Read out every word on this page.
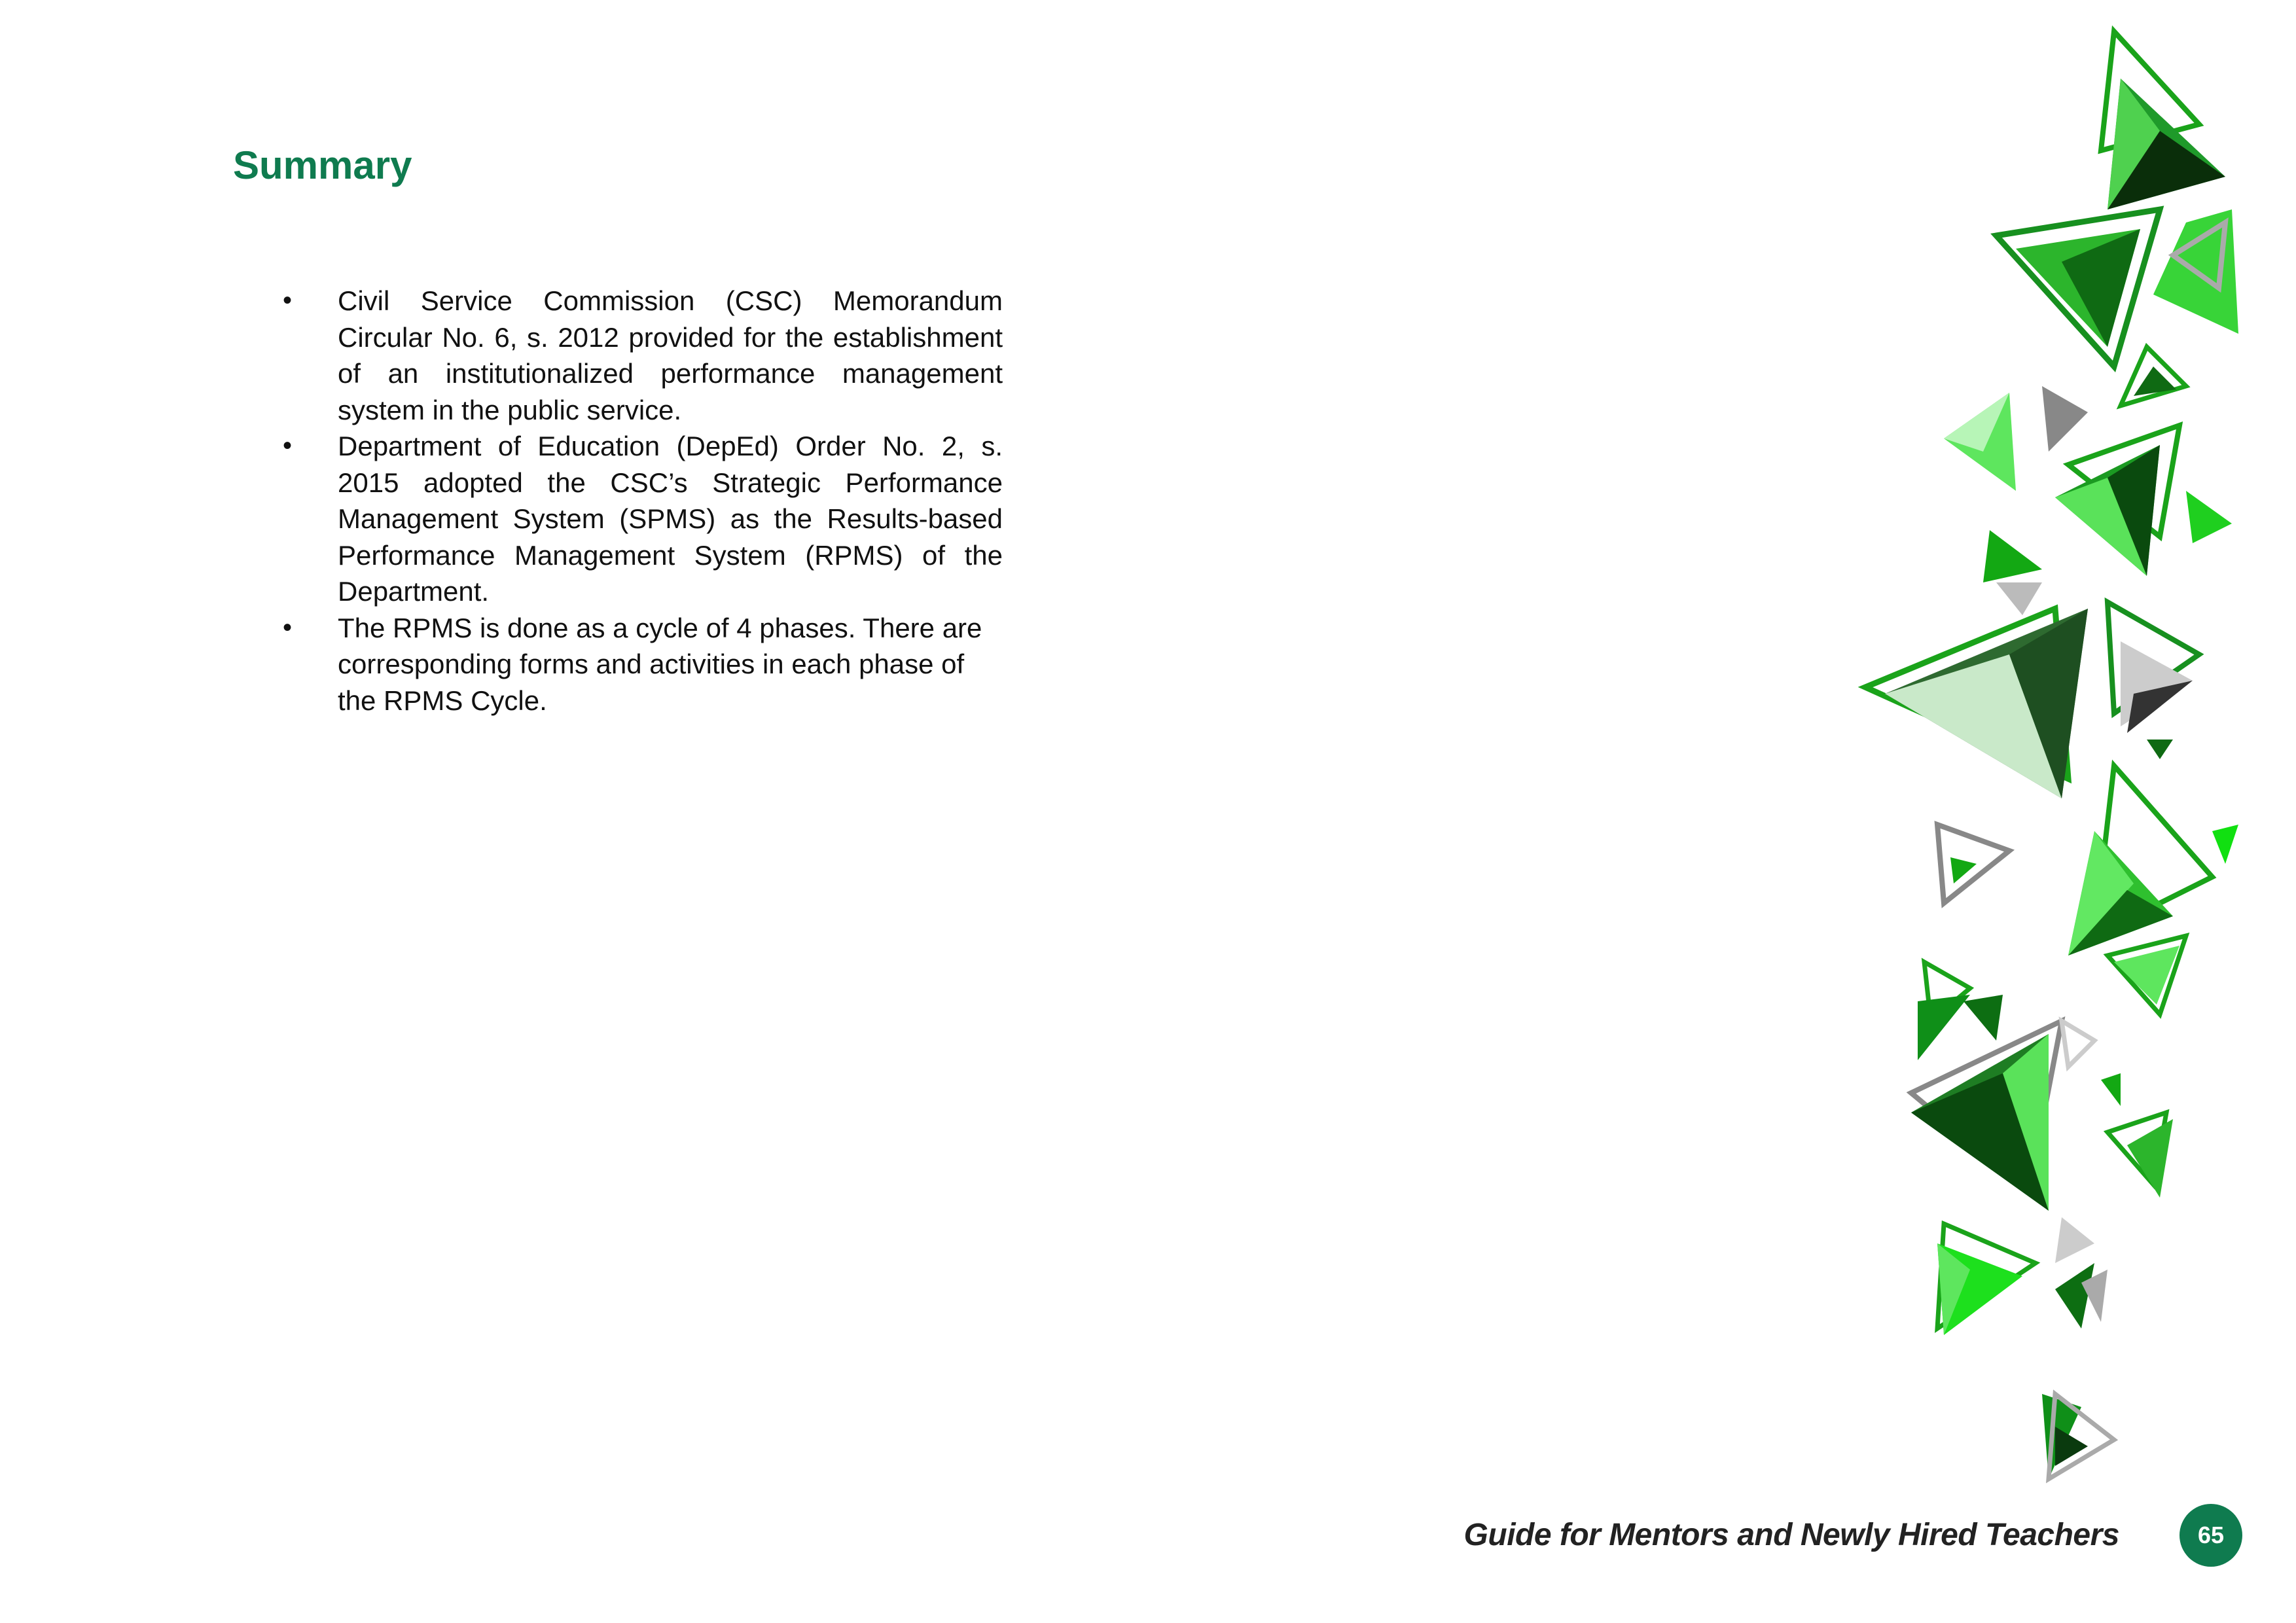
Summary
• Civil Service Commission (CSC) Memorandum Circular No. 6, s. 2012 provided for the establishment of an institutionalized performance management system in the public service.
• Department of Education (DepEd) Order No. 2, s. 2015 adopted the CSC’s Strategic Performance Management System (SPMS) as the Results-based Performance Management System (RPMS) of the Department.
• The RPMS is done as a cycle of 4 phases. There are corresponding forms and activities in each phase of the RPMS Cycle.

Guide for Mentors and Newly Hired Teachers	65
